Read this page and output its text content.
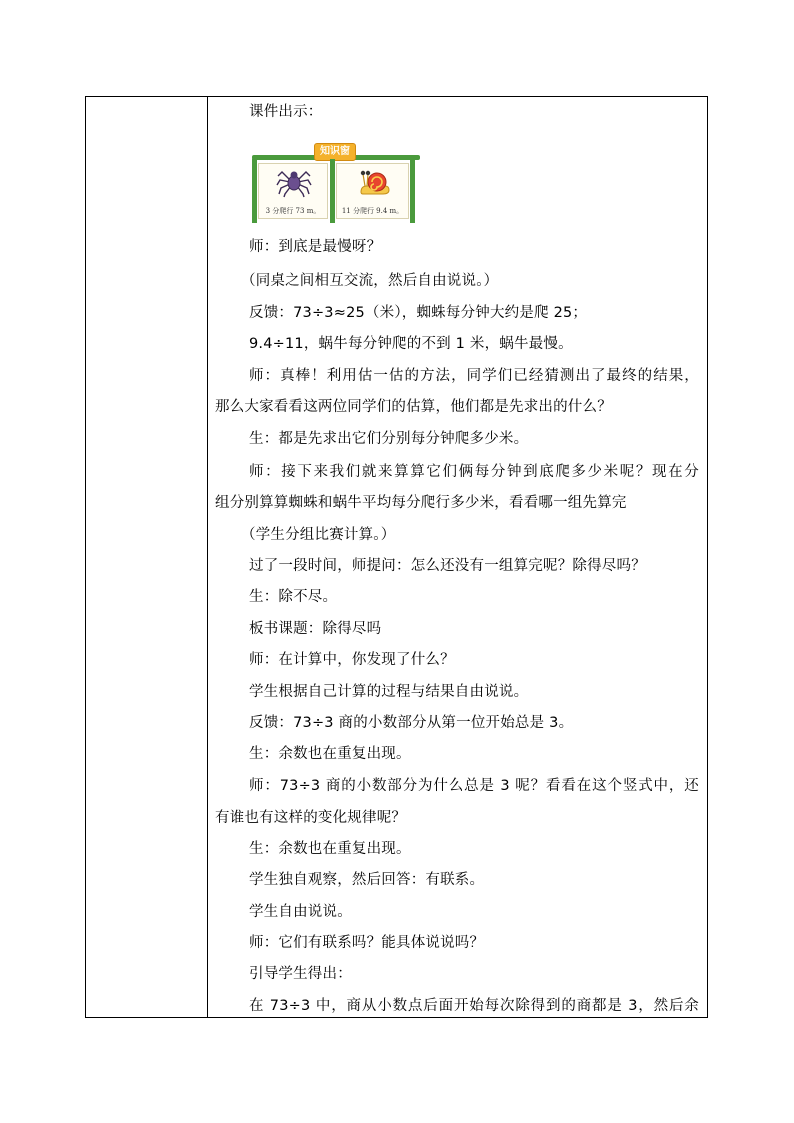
课件出示：
知识窗
3 分爬行 73 m。	11 分爬行 9.4 m。
师：到底是最慢呀？
（同桌之间相互交流，然后自由说说。）
反馈：73÷3≈25（米），蜘蛛每分钟大约是爬 25；
9.4÷11，蜗牛每分钟爬的不到 1 米，蜗牛最慢。
师：真棒！利用估一估的方法，同学们已经猜测出了最终的结果，
那么大家看看这两位同学们的估算，他们都是先求出的什么？
生：都是先求出它们分别每分钟爬多少米。
师：接下来我们就来算算它们俩每分钟到底爬多少米呢？现在分
组分别算算蜘蛛和蜗牛平均每分爬行多少米，看看哪一组先算完
（学生分组比赛计算。）
过了一段时间，师提问：怎么还没有一组算完呢？除得尽吗？
生：除不尽。
板书课题：除得尽吗
师：在计算中，你发现了什么？
学生根据自己计算的过程与结果自由说说。
反馈：73÷3 商的小数部分从第一位开始总是 3。
生：余数也在重复出现。
师：73÷3 商的小数部分为什么总是 3 呢？看看在这个竖式中，还
有谁也有这样的变化规律呢？
生：余数也在重复出现。
学生独自观察，然后回答：有联系。
学生自由说说。
师：它们有联系吗？能具体说说吗？
引导学生得出：
在 73÷3 中，商从小数点后面开始每次除得到的商都是 3，然后余
